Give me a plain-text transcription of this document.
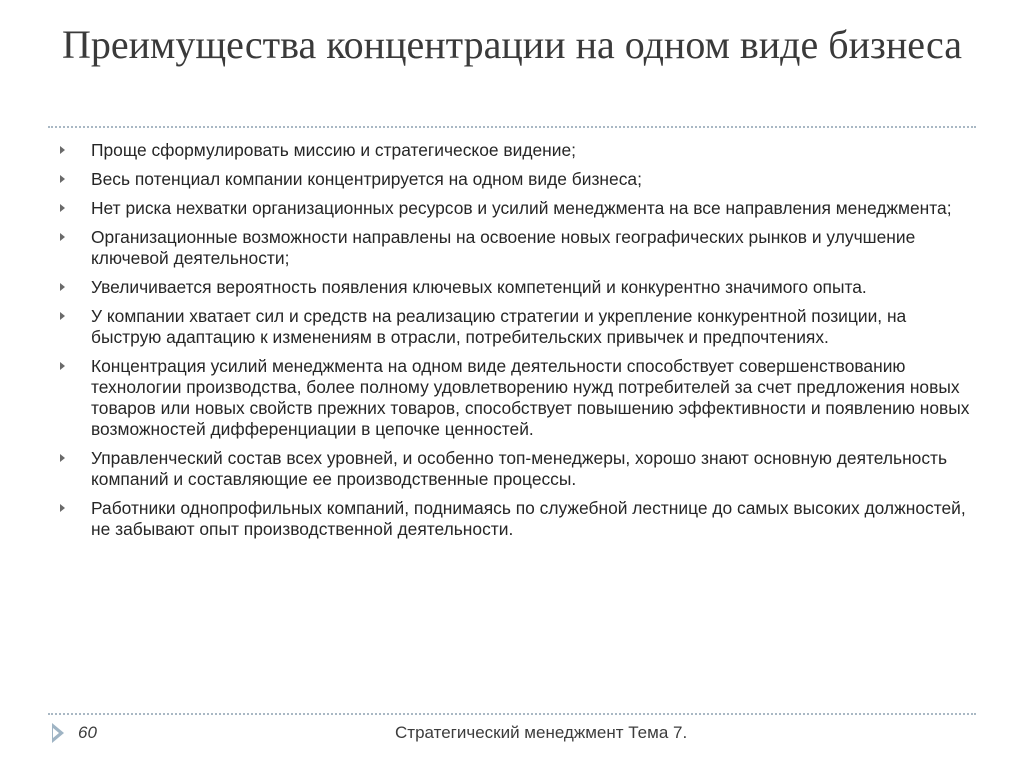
Преимущества концентрации на одном виде бизнеса
Проще сформулировать миссию и стратегическое видение;
Весь потенциал компании концентрируется на одном виде бизнеса;
Нет риска нехватки организационных ресурсов и усилий менеджмента на все направления менеджмента;
Организационные возможности направлены на освоение новых географических рынков и улучшение ключевой деятельности;
Увеличивается вероятность появления ключевых компетенций и конкурентно значимого опыта.
У компании хватает сил и средств на реализацию стратегии и укрепление конкурентной позиции, на быструю адаптацию к изменениям в отрасли, потребительских привычек и предпочтениях.
Концентрация усилий менеджмента на одном виде деятельности способствует совершенствованию технологии производства, более полному удовлетворению нужд потребителей за счет предложения новых товаров или новых свойств прежних товаров, способствует повышению эффективности и появлению новых возможностей дифференциации в цепочке ценностей.
Управленческий состав всех уровней, и особенно топ-менеджеры, хорошо знают основную деятельность компаний и составляющие ее производственные процессы.
Работники однопрофильных компаний, поднимаясь по служебной лестнице до самых высоких должностей, не забывают опыт производственной деятельности.
60	Стратегический менеджмент Тема 7.
